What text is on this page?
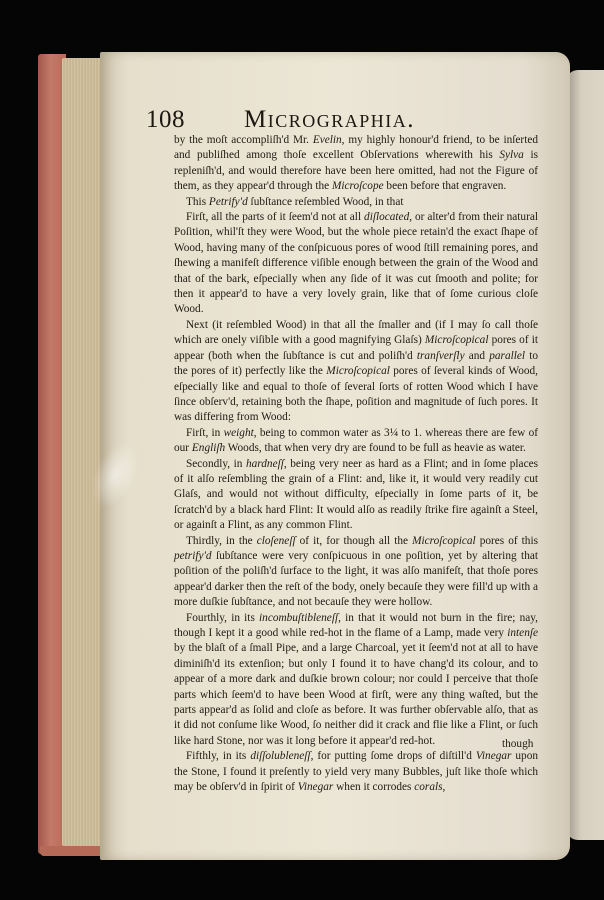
108 Micrographia.

by the moſt accompliſh'd Mr. Evelin, my highly honour'd friend, to be inſerted and publiſhed among thoſe excellent Obſervations wherewith his Sylva is repleniſh'd, and would therefore have been here omitted, had not the Figure of them, as they appear'd through the Microſcope been before that engraven.

This Petrify'd ſubſtance reſembled Wood, in that

Firſt, all the parts of it ſeem'd not at all diſlocated, or alter'd from their natural Poſition, whil'ſt they were Wood, but the whole piece retain'd the exact ſhape of Wood, having many of the conſpicuous pores of wood ſtill remaining pores, and ſhewing a manifeſt difference viſible enough between the grain of the Wood and that of the bark, eſpecially when any ſide of it was cut ſmooth and polite; for then it appear'd to have a very lovely grain, like that of ſome curious cloſe Wood.

Next (it reſembled Wood) in that all the ſmaller and (if I may ſo call thoſe which are onely viſible with a good magnifying Glaſs) Microſcopical pores of it appear (both when the ſubſtance is cut and poliſh'd tranſverſly and parallel to the pores of it) perfectly like the Microſcopical pores of ſeveral kinds of Wood, eſpecially like and equal to thoſe of ſeveral ſorts of rotten Wood which I have ſince obſerv'd, retaining both the ſhape, poſition and magnitude of ſuch pores. It was differing from Wood:

Firſt, in weight, being to common water as 3¼ to 1. whereas there are few of our Engliſh Woods, that when very dry are found to be full as heavie as water.

Secondly, in hardneſſ, being very neer as hard as a Flint; and in ſome places of it alſo reſembling the grain of a Flint: and, like it, it would very readily cut Glaſs, and would not without difficulty, eſpecially in ſome parts of it, be ſcratch'd by a black hard Flint: It would alſo as readily ſtrike fire againſt a Steel, or againſt a Flint, as any common Flint.

Thirdly, in the cloſeneſſ of it, for though all the Microſcopical pores of this petrify'd ſubſtance were very conſpicuous in one poſition, yet by altering that poſition of the poliſh'd ſurface to the light, it was alſo manifeſt, that thoſe pores appear'd darker then the reſt of the body, onely becauſe they were fill'd up with a more duſkie ſubſtance, and not becauſe they were hollow.

Fourthly, in its incombuſtibleneſſ, in that it would not burn in the fire; nay, though I kept it a good while red-hot in the flame of a Lamp, made very intenſe by the blaſt of a ſmall Pipe, and a large Charcoal, yet it ſeem'd not at all to have diminiſh'd its extenſion; but only I found it to have chang'd its colour, and to appear of a more dark and duſkie brown colour; nor could I perceive that thoſe parts which ſeem'd to have been Wood at firſt, were any thing waſted, but the parts appear'd as ſolid and cloſe as before. It was further obſervable alſo, that as it did not conſume like Wood, ſo neither did it crack and flie like a Flint, or ſuch like hard Stone, nor was it long before it appear'd red-hot.

Fifthly, in its diſſolubleneſſ, for putting ſome drops of diſtill'd Vinegar upon the Stone, I found it preſently to yield very many Bubbles, juſt like thoſe which may be obſerv'd in ſpirit of Vinegar when it corrodes corals,

though
